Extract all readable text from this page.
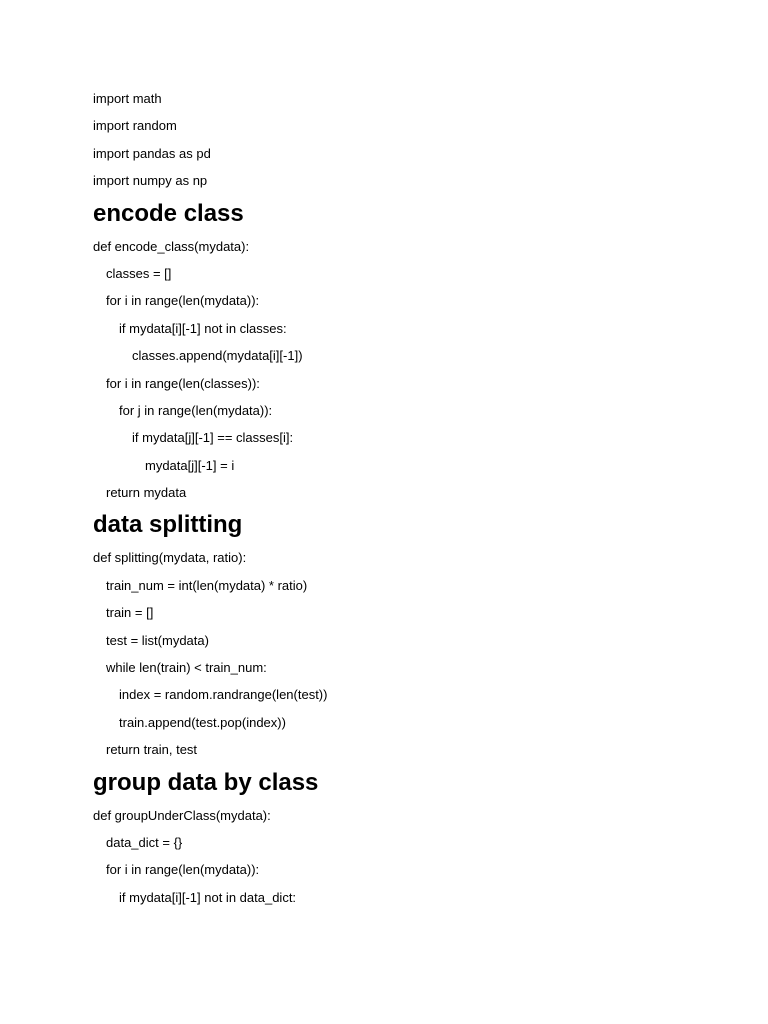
import math

import random

import pandas as pd

import numpy as np

encode class

def encode_class(mydata):

classes = []

for i in range(len(mydata)):

if mydata[i][-1] not in classes:

classes.append(mydata[i][-1])

for i in range(len(classes)):

for j in range(len(mydata)):

if mydata[j][-1] == classes[i]:

mydata[j][-1] = i

return mydata

data splitting

def splitting(mydata, ratio):

train_num = int(len(mydata) * ratio)

train = []

test = list(mydata)

while len(train) < train_num:

index = random.randrange(len(test))

train.append(test.pop(index))

return train, test

group data by class

def groupUnderClass(mydata):

data_dict = {}

for i in range(len(mydata)):

if mydata[i][-1] not in data_dict:
